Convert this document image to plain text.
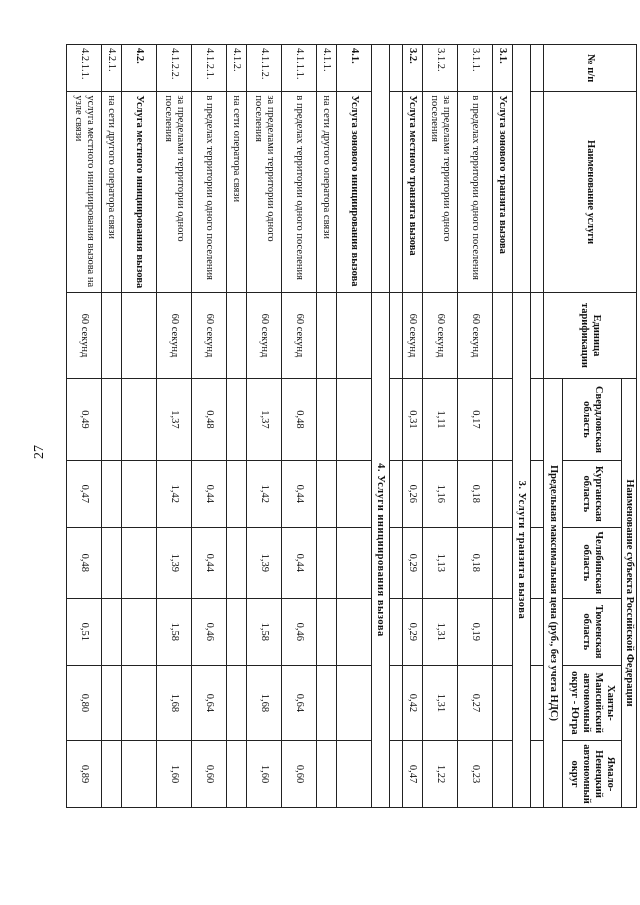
27
№ п/п	Наименование услуги	Единица тарификации	Наименование субъекта Российской Федерации					
			Свердловская область	Курганская область	Челябинская область	Тюменская область	Ханты-Мансийский автономный округ - Югра	Ямало-Ненецкий автономный округ
			Предельная максимальная цена (руб., без учета НДС)					

		3. Услуги транзита вызова						
3.1.	Услуга зонового транзита вызова							
3.1.1.	в пределах территории одного поселения	60 секунд	0,17	0,18	0,18	0,19	0,27	0,23
3.1.2.	за пределами территории одного поселения	60 секунд	1,11	1,16	1,13	1,31	1,31	1,22
3.2.	Услуга местного транзита вызова	60 секунд	0,31	0,26	0,29	0,29	0,42	0,47

		4. Услуги инициирования вызова						
4.1.	Услуга зонового инициирования вызова							
4.1.1.	на сети другого оператора связи							
4.1.1.1.	в пределах территории одного поселения	60 секунд	0,48	0,44	0,44	0,46	0,64	0,60
4.1.1.2.	за пределами территории одного поселения	60 секунд	1,37	1,42	1,39	1,58	1,68	1,60
4.1.2.	на сети оператора связи							
4.1.2.1.	в пределах территории одного поселения	60 секунд	0,48	0,44	0,44	0,46	0,64	0,60
4.1.2.2.	за пределами территории одного поселения	60 секунд	1,37	1,42	1,39	1,58	1,68	1,60
4.2.	Услуга местного инициирования вызова							
4.2.1.	на сети другого оператора связи							
4.2.1.1.	услуга местного инициирования вызова на узле связи	60 секунд	0,49	0,47	0,48	0,51	0,80	0,89
